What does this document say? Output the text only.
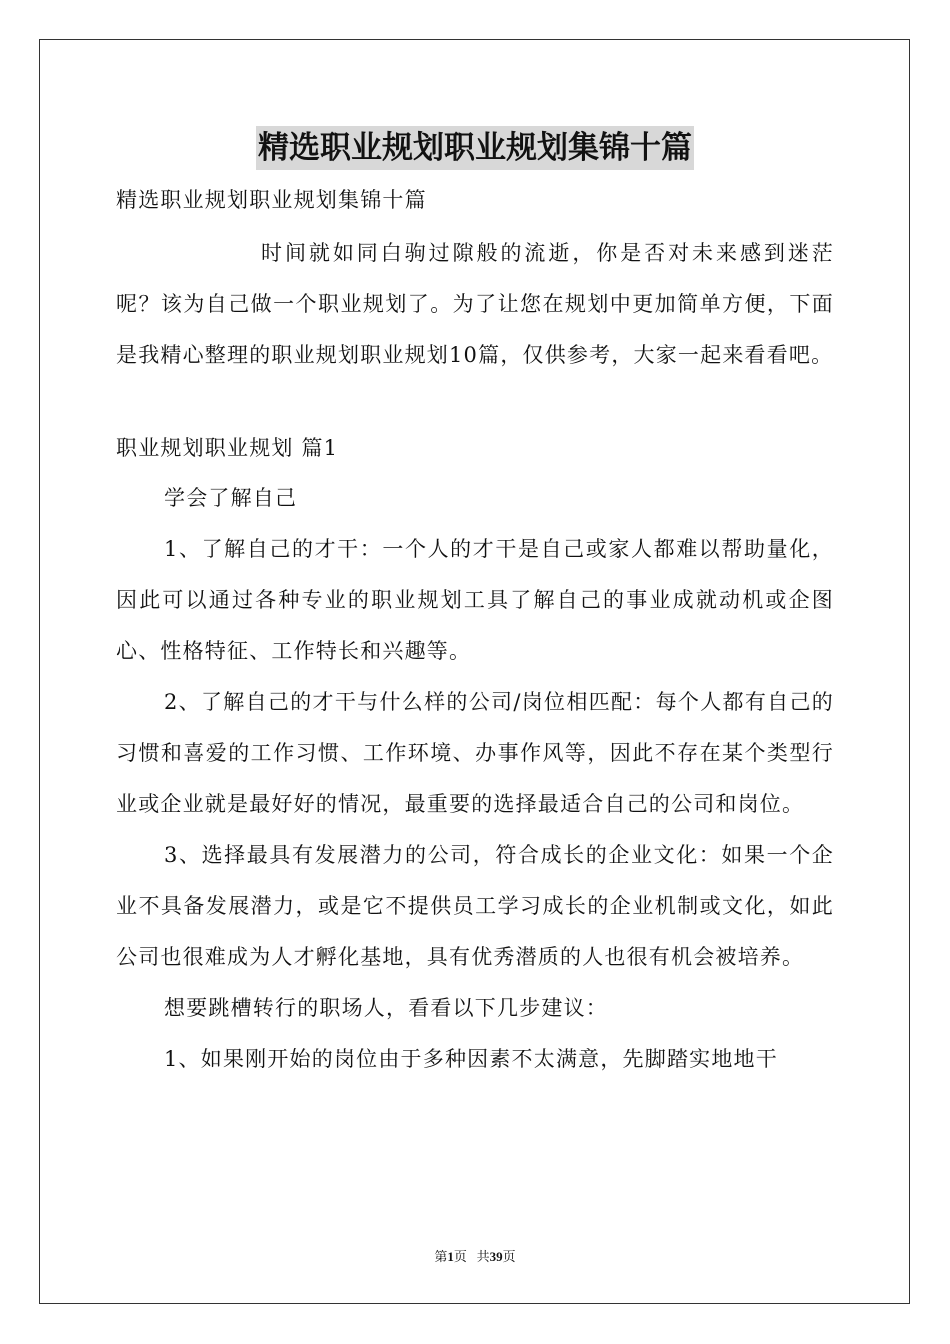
精选职业规划职业规划集锦十篇
精选职业规划职业规划集锦十篇
时间就如同白驹过隙般的流逝，你是否对未来感到迷茫呢？该为自己做一个职业规划了。为了让您在规划中更加简单方便，下面是我精心整理的职业规划职业规划10篇，仅供参考，大家一起来看看吧。
职业规划职业规划 篇1

学会了解自己

1、了解自己的才干：一个人的才干是自己或家人都难以帮助量化，因此可以通过各种专业的职业规划工具了解自己的事业成就动机或企图心、性格特征、工作特长和兴趣等。

2、了解自己的才干与什么样的公司/岗位相匹配：每个人都有自己的习惯和喜爱的工作习惯、工作环境、办事作风等，因此不存在某个类型行业或企业就是最好好的情况，最重要的选择最适合自己的公司和岗位。

3、选择最具有发展潜力的公司，符合成长的企业文化：如果一个企业不具备发展潜力，或是它不提供员工学习成长的企业机制或文化，如此公司也很难成为人才孵化基地，具有优秀潜质的人也很有机会被培养。

想要跳槽转行的职场人，看看以下几步建议：

1、如果刚开始的岗位由于多种因素不太满意，先脚踏实地地干

第1页 共39页
